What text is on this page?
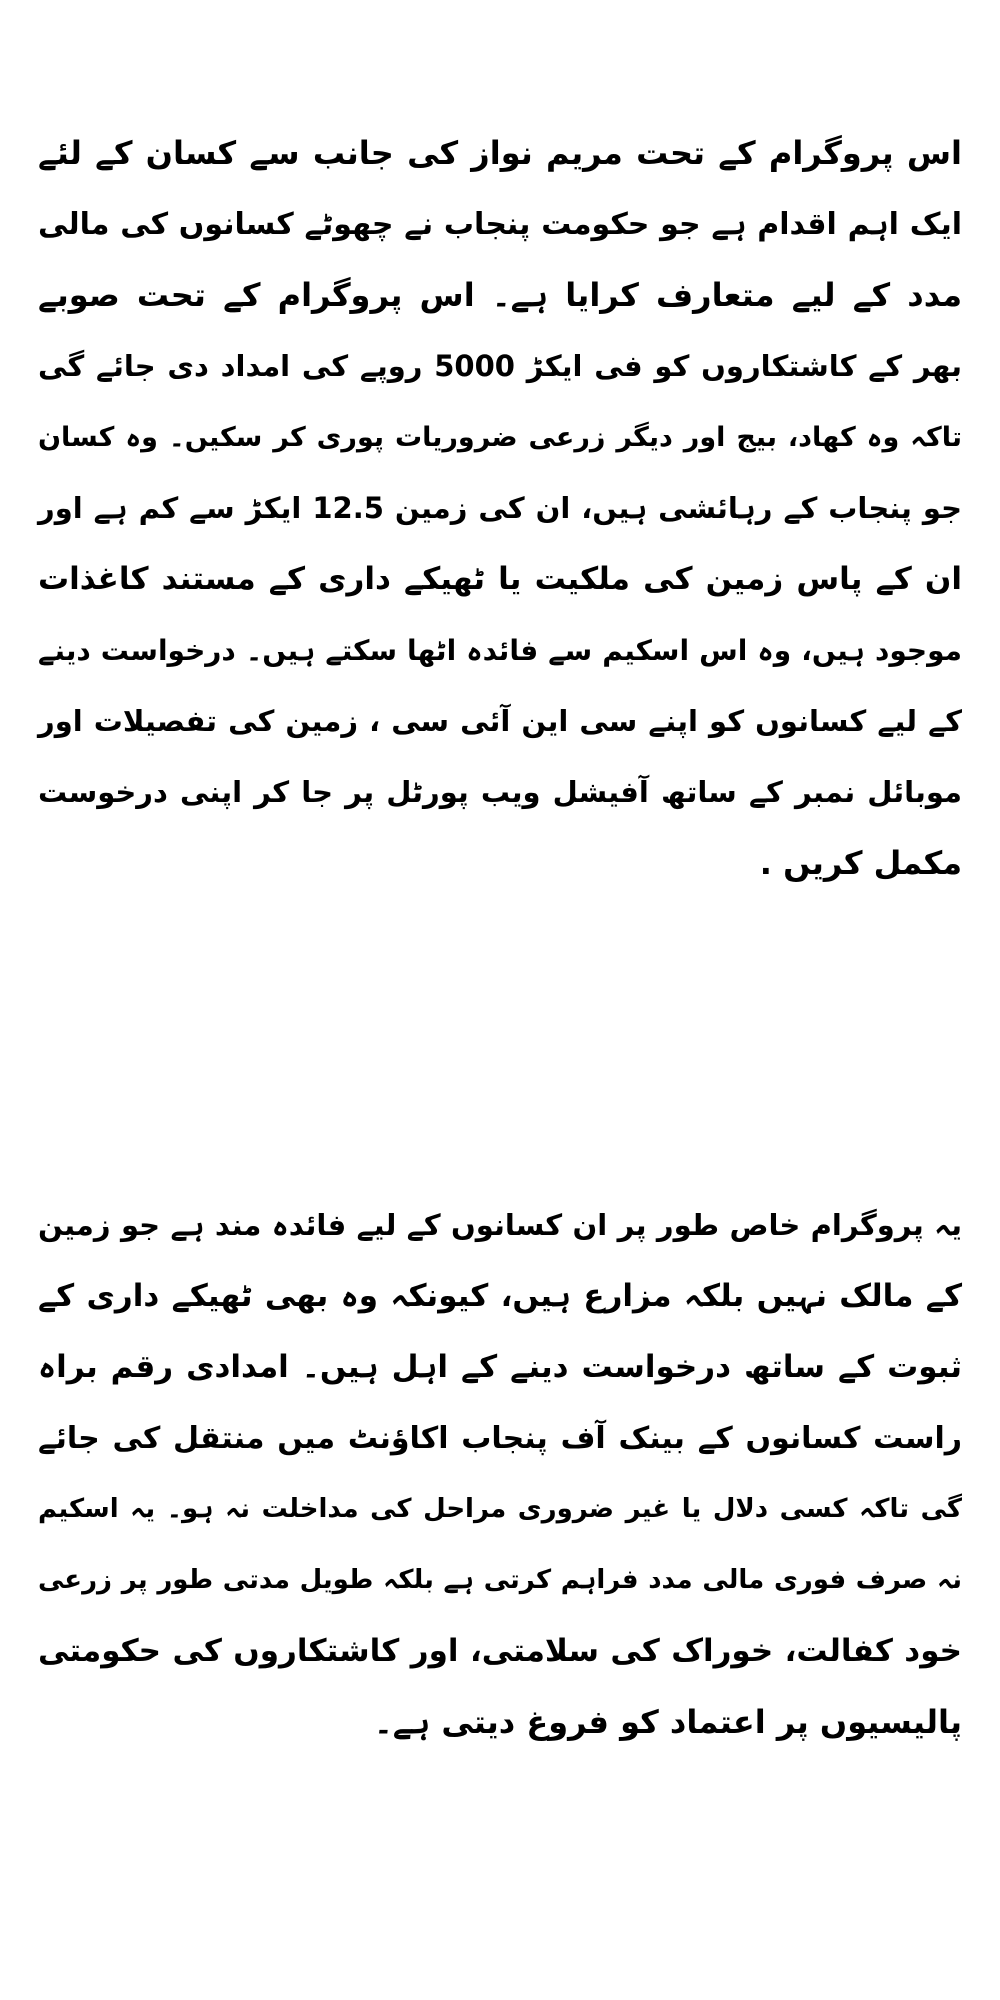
اس پروگرام کے تحت مریم نواز کی جانب سے کسان کے لئے
ایک اہم اقدام ہے جو حکومت پنجاب نے چھوٹے کسانوں کی مالی
مدد کے لیے متعارف کرایا ہے۔ اس پروگرام کے تحت صوبے
بھر کے کاشتکاروں کو فی ایکڑ 5000 روپے کی امداد دی جائے گی
تاکہ وہ کھاد، بیج اور دیگر زرعی ضروریات پوری کر سکیں۔ وہ کسان
جو پنجاب کے رہائشی ہیں، ان کی زمین 12.5 ایکڑ سے کم ہے اور
ان کے پاس زمین کی ملکیت یا ٹھیکے داری کے مستند کاغذات
موجود ہیں، وہ اس اسکیم سے فائدہ اٹھا سکتے ہیں۔ درخواست دینے
کے لیے کسانوں کو اپنے سی این آئی سی ، زمین کی تفصیلات اور
موبائل نمبر کے ساتھ آفیشل ویب پورٹل پر جا کر اپنی درخوست
مکمل کریں .
یہ پروگرام خاص طور پر ان کسانوں کے لیے فائدہ مند ہے جو زمین
کے مالک نہیں بلکہ مزارع ہیں، کیونکہ وہ بھی ٹھیکے داری کے
ثبوت کے ساتھ درخواست دینے کے اہل ہیں۔ امدادی رقم براہ
راست کسانوں کے بینک آف پنجاب اکاؤنٹ میں منتقل کی جائے
گی تاکہ کسی دلال یا غیر ضروری مراحل کی مداخلت نہ ہو۔ یہ اسکیم
نہ صرف فوری مالی مدد فراہم کرتی ہے بلکہ طویل مدتی طور پر زرعی
خود کفالت، خوراک کی سلامتی، اور کاشتکاروں کی حکومتی
پالیسیوں پر اعتماد کو فروغ دیتی ہے۔
